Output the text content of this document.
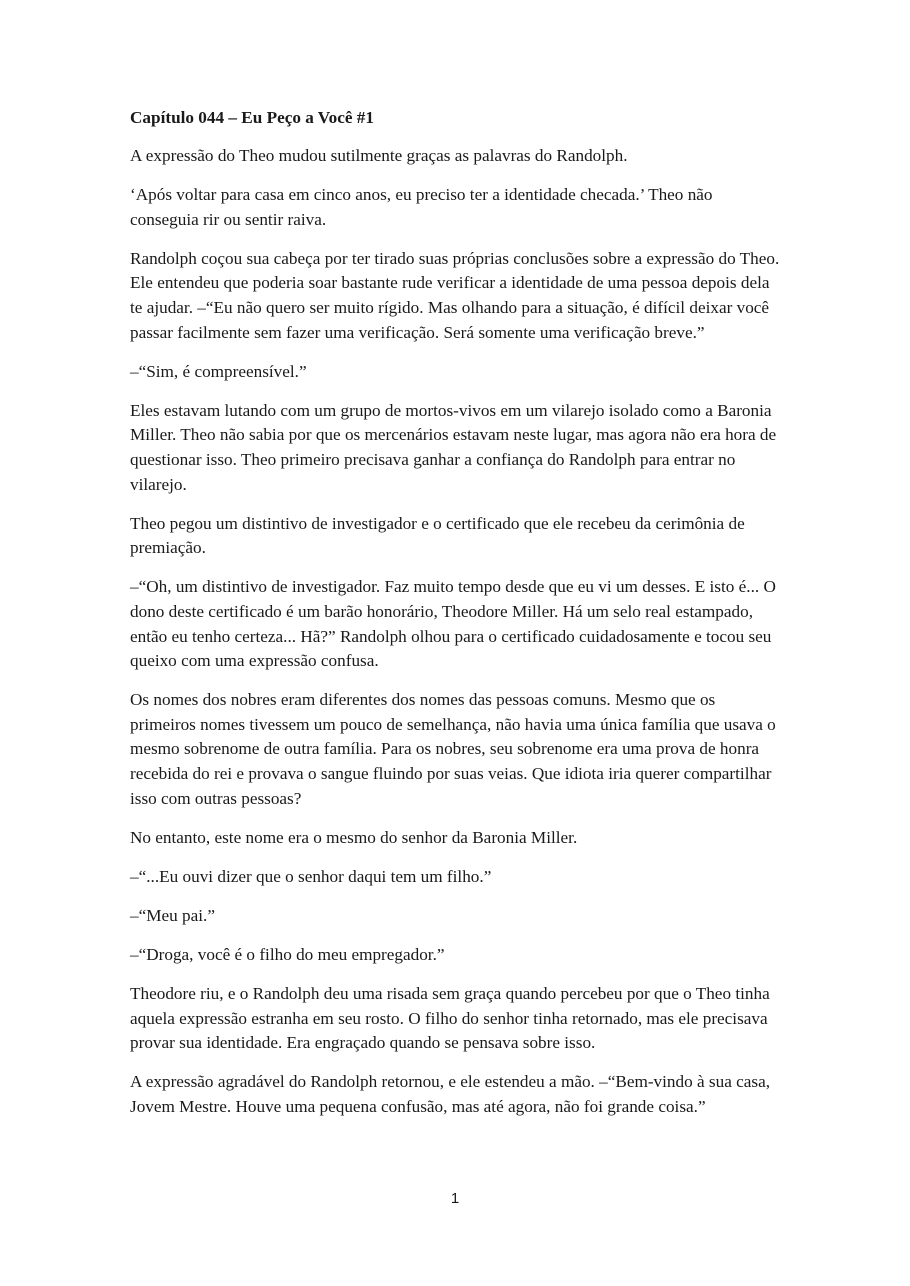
Capítulo 044 – Eu Peço a Você #1

A expressão do Theo mudou sutilmente graças as palavras do Randolph.

‘Após voltar para casa em cinco anos, eu preciso ter a identidade checada.’ Theo não conseguia rir ou sentir raiva.

Randolph coçou sua cabeça por ter tirado suas próprias conclusões sobre a expressão do Theo. Ele entendeu que poderia soar bastante rude verificar a identidade de uma pessoa depois dela te ajudar. –“Eu não quero ser muito rígido. Mas olhando para a situação, é difícil deixar você passar facilmente sem fazer uma verificação. Será somente uma verificação breve.”

–“Sim, é compreensível.”

Eles estavam lutando com um grupo de mortos-vivos em um vilarejo isolado como a Baronia Miller. Theo não sabia por que os mercenários estavam neste lugar, mas agora não era hora de questionar isso. Theo primeiro precisava ganhar a confiança do Randolph para entrar no vilarejo.

Theo pegou um distintivo de investigador e o certificado que ele recebeu da cerimônia de premiação.

–“Oh, um distintivo de investigador. Faz muito tempo desde que eu vi um desses. E isto é... O dono deste certificado é um barão honorário, Theodore Miller. Há um selo real estampado, então eu tenho certeza... Hã?” Randolph olhou para o certificado cuidadosamente e tocou seu queixo com uma expressão confusa.

Os nomes dos nobres eram diferentes dos nomes das pessoas comuns. Mesmo que os primeiros nomes tivessem um pouco de semelhança, não havia uma única família que usava o mesmo sobrenome de outra família. Para os nobres, seu sobrenome era uma prova de honra recebida do rei e provava o sangue fluindo por suas veias. Que idiota iria querer compartilhar isso com outras pessoas?

No entanto, este nome era o mesmo do senhor da Baronia Miller.

–“...Eu ouvi dizer que o senhor daqui tem um filho.”

–“Meu pai.”

–“Droga, você é o filho do meu empregador.”

Theodore riu, e o Randolph deu uma risada sem graça quando percebeu por que o Theo tinha aquela expressão estranha em seu rosto. O filho do senhor tinha retornado, mas ele precisava provar sua identidade. Era engraçado quando se pensava sobre isso.

A expressão agradável do Randolph retornou, e ele estendeu a mão. –“Bem-vindo à sua casa, Jovem Mestre. Houve uma pequena confusão, mas até agora, não foi grande coisa.”

1
